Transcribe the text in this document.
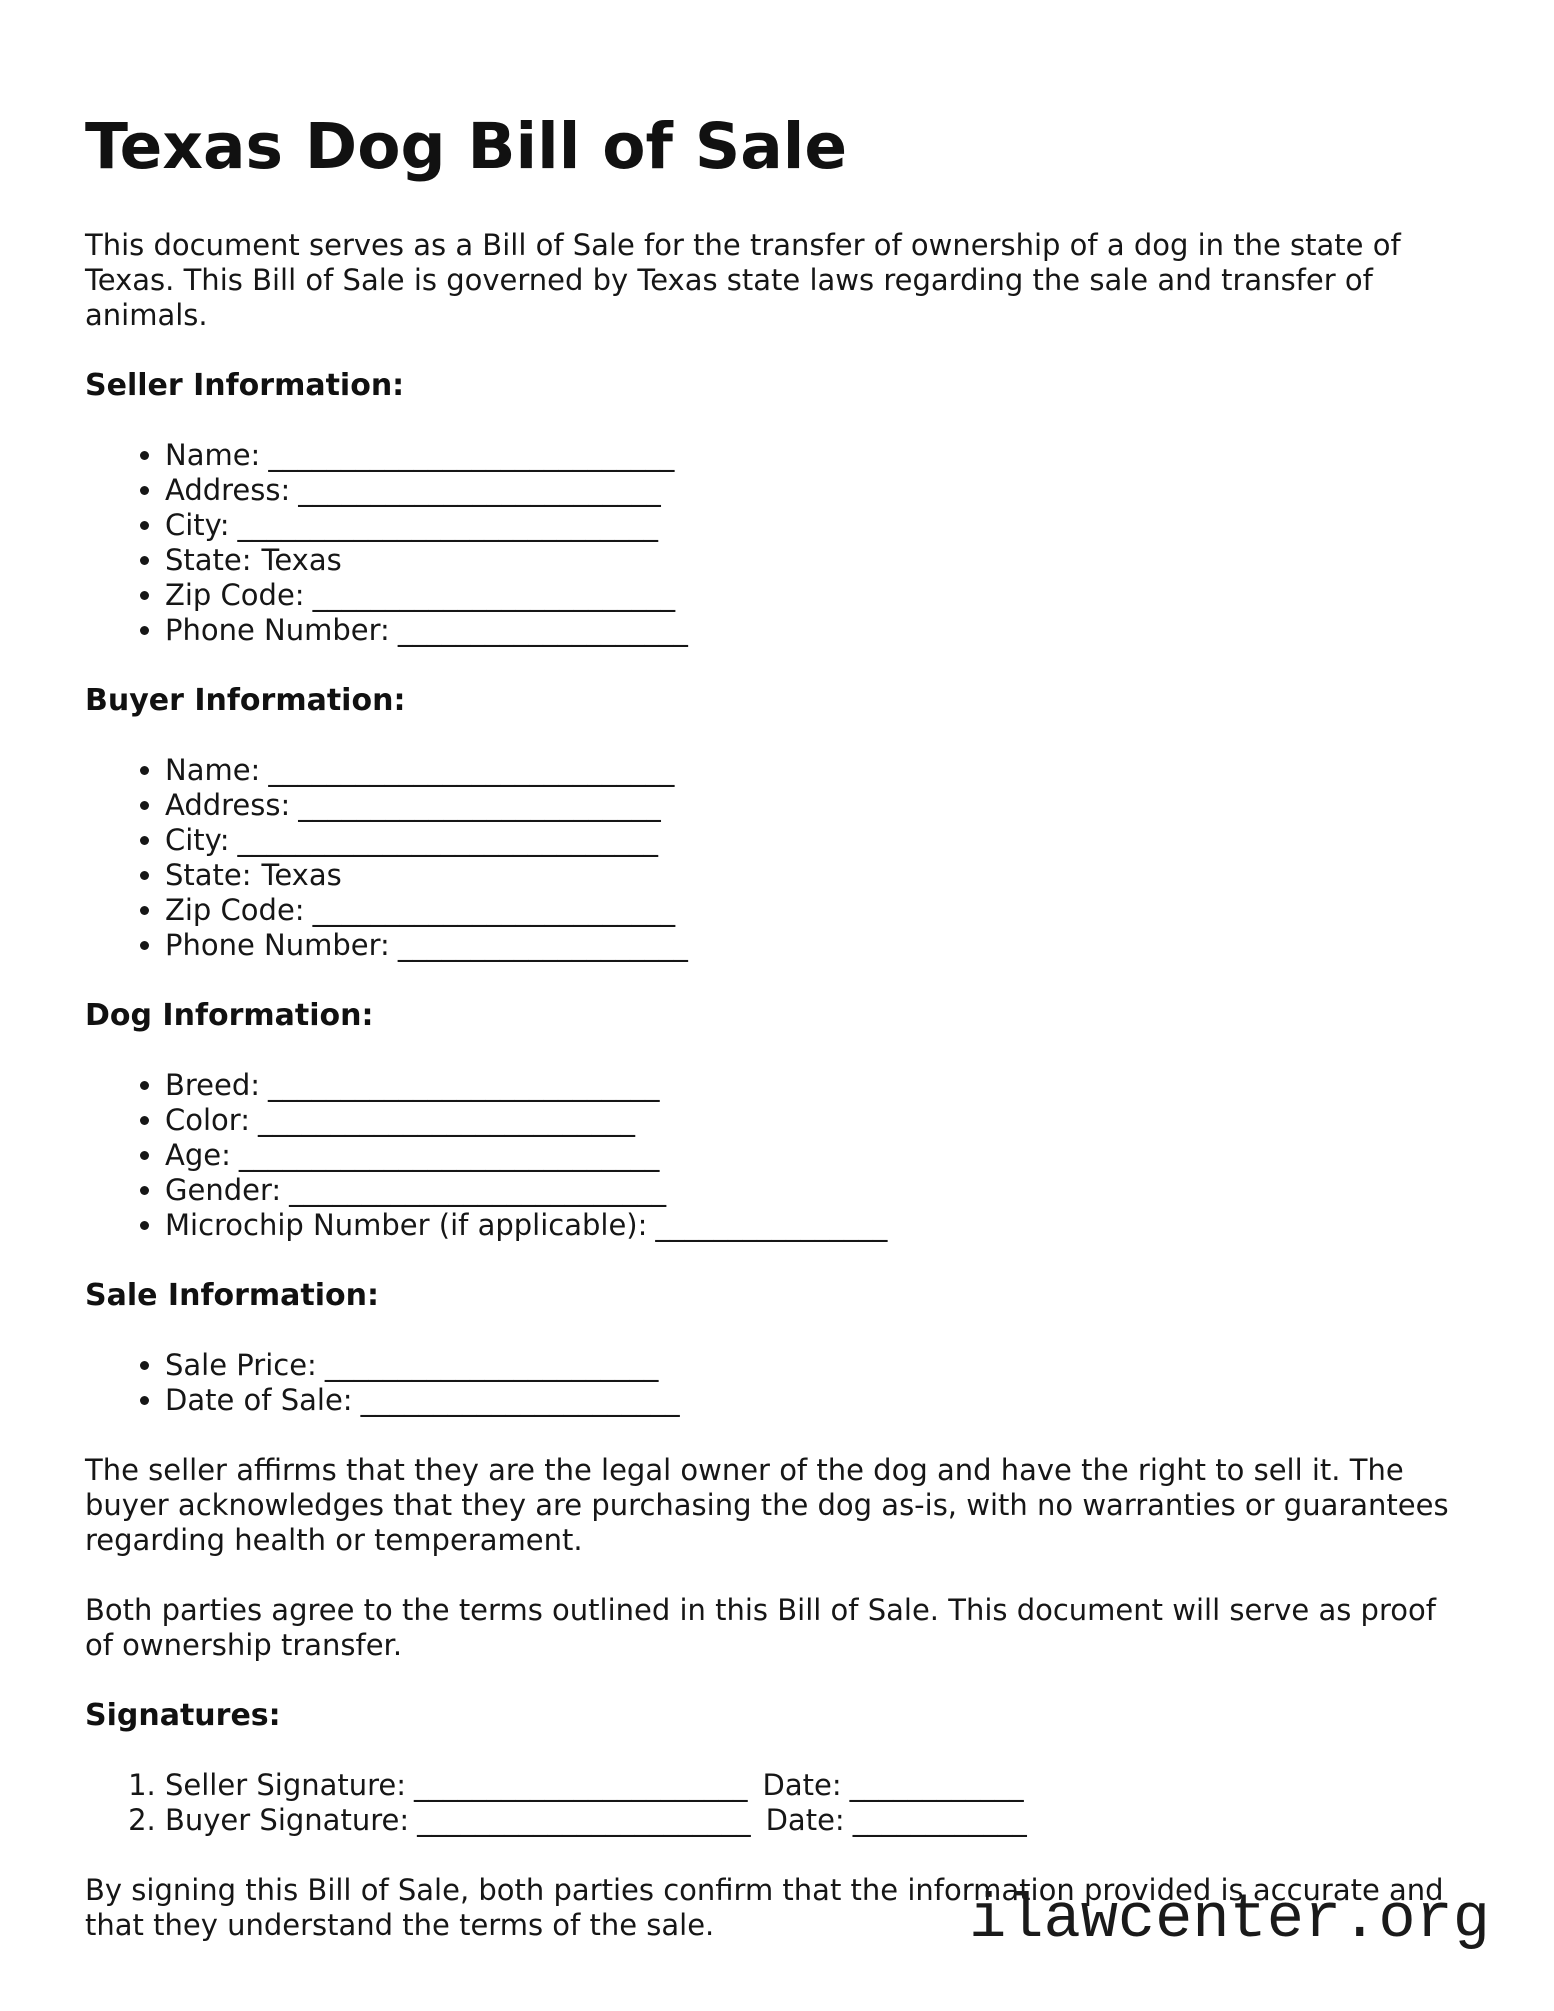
Texas Dog Bill of Sale

This document serves as a Bill of Sale for the transfer of ownership of a dog in the state of Texas. This Bill of Sale is governed by Texas state laws regarding the sale and transfer of animals.

Seller Information:
• Name: ____________________________
• Address: _________________________
• City: _____________________________
• State: Texas
• Zip Code: _________________________
• Phone Number: ____________________
Buyer Information:
• Name: ____________________________
• Address: _________________________
• City: _____________________________
• State: Texas
• Zip Code: _________________________
• Phone Number: ____________________
Dog Information:
• Breed: ___________________________
• Color: __________________________
• Age: _____________________________
• Gender: __________________________
• Microchip Number (if applicable): ________________
Sale Information:
• Sale Price: _______________________
• Date of Sale: ______________________

The seller affirms that they are the legal owner of the dog and have the right to sell it. The buyer acknowledges that they are purchasing the dog as-is, with no warranties or guarantees regarding health or temperament.

Both parties agree to the terms outlined in this Bill of Sale. This document will serve as proof of ownership transfer.

Signatures:
1. Seller Signature: _______________________ Date: ____________
2. Buyer Signature: _______________________ Date: ____________

By signing this Bill of Sale, both parties confirm that the information provided is accurate and that they understand the terms of the sale.	ilawcenter.org
